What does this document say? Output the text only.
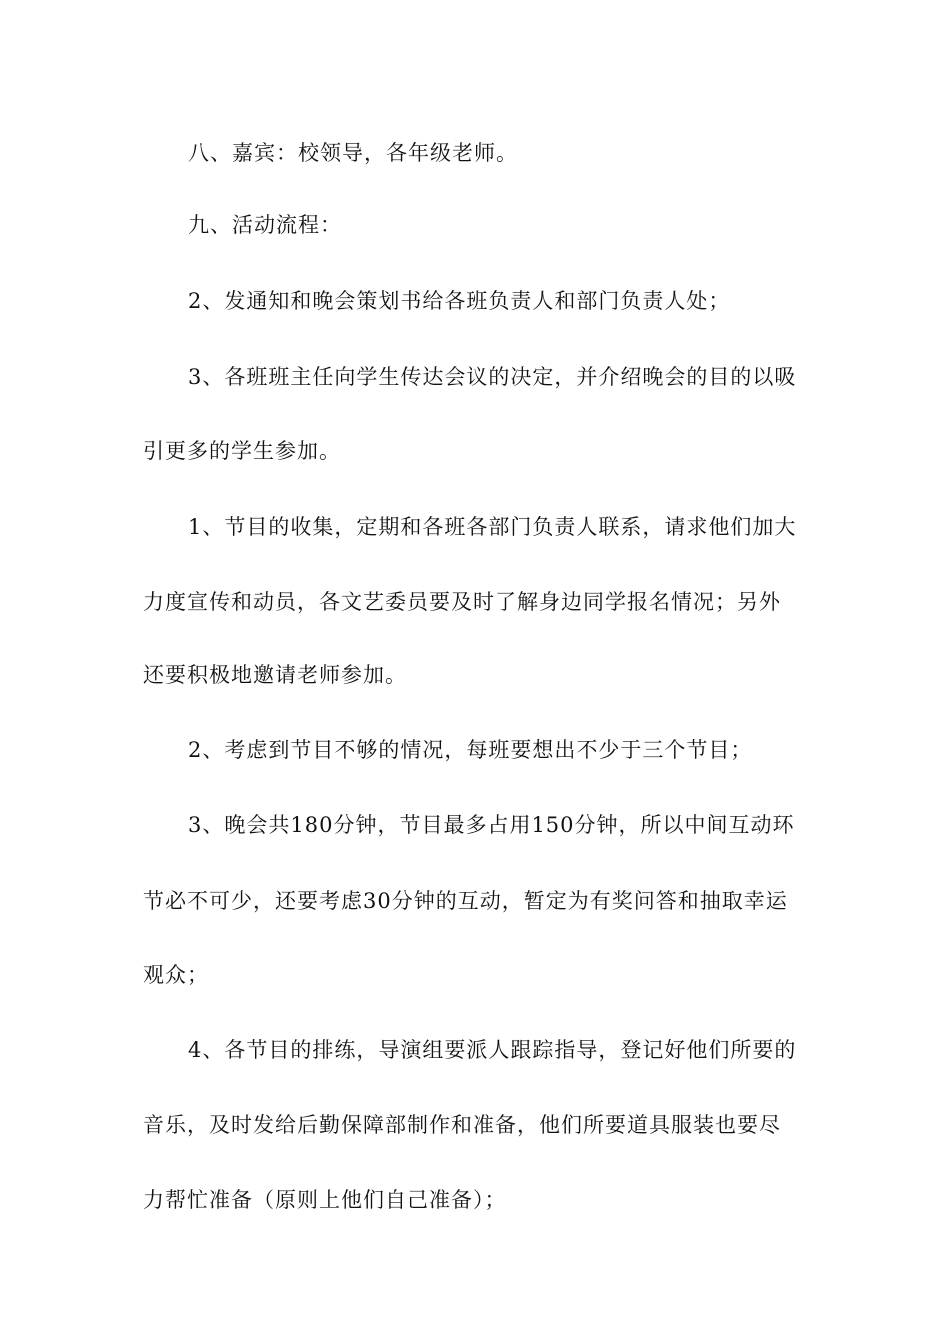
八、嘉宾：校领导，各年级老师。
九、活动流程：
2、发通知和晚会策划书给各班负责人和部门负责人处；
3、各班班主任向学生传达会议的决定，并介绍晚会的目的以吸
引更多的学生参加。
1、节目的收集，定期和各班各部门负责人联系，请求他们加大
力度宣传和动员，各文艺委员要及时了解身边同学报名情况；另外
还要积极地邀请老师参加。
2、考虑到节目不够的情况，每班要想出不少于三个节目；
3、晚会共180分钟，节目最多占用150分钟，所以中间互动环
节必不可少，还要考虑30分钟的互动，暂定为有奖问答和抽取幸运
观众；
4、各节目的排练，导演组要派人跟踪指导，登记好他们所要的
音乐，及时发给后勤保障部制作和准备，他们所要道具服装也要尽
力帮忙准备（原则上他们自己准备）；
